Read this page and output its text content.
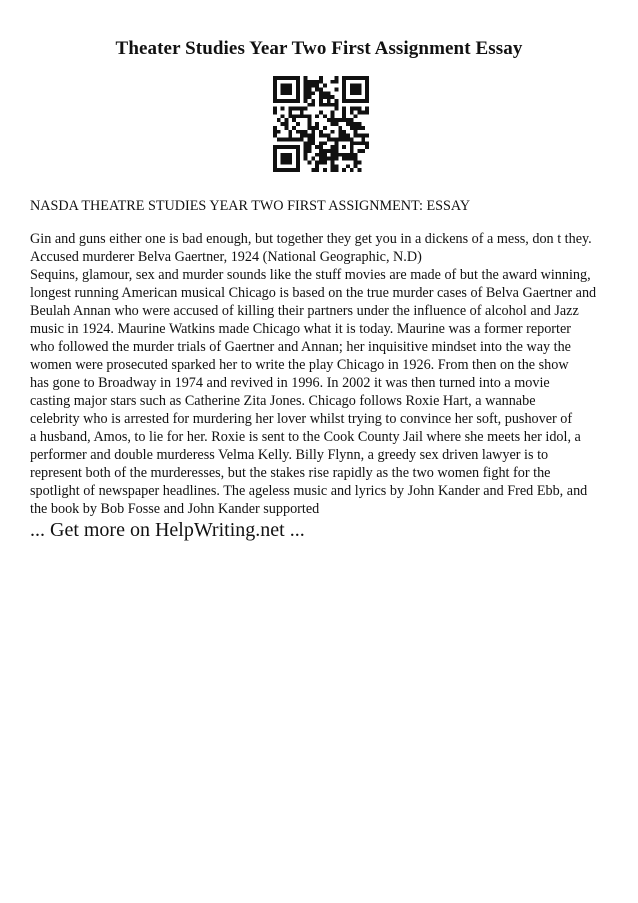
Theater Studies Year Two First Assignment Essay
NASDA THEATRE STUDIES YEAR TWO FIRST ASSIGNMENT: ESSAY
Gin and guns either one is bad enough, but together they get you in a dickens of a mess, don t they.
Accused murderer Belva Gaertner, 1924 (National Geographic, N.D)
Sequins, glamour, sex and murder sounds like the stuff movies are made of but the award winning,
longest running American musical Chicago is based on the true murder cases of Belva Gaertner and
Beulah Annan who were accused of killing their partners under the influence of alcohol and Jazz
music in 1924. Maurine Watkins made Chicago what it is today. Maurine was a former reporter
who followed the murder trials of Gaertner and Annan; her inquisitive mindset into the way the
women were prosecuted sparked her to write the play Chicago in 1926. From then on the show
has gone to Broadway in 1974 and revived in 1996. In 2002 it was then turned into a movie
casting major stars such as Catherine Zita Jones. Chicago follows Roxie Hart, a wannabe
celebrity who is arrested for murdering her lover whilst trying to convince her soft, pushover of
a husband, Amos, to lie for her. Roxie is sent to the Cook County Jail where she meets her idol, a
performer and double murderess Velma Kelly. Billy Flynn, a greedy sex driven lawyer is to
represent both of the murderesses, but the stakes rise rapidly as the two women fight for the
spotlight of newspaper headlines. The ageless music and lyrics by John Kander and Fred Ebb, and
the book by Bob Fosse and John Kander supported
... Get more on HelpWriting.net ...
